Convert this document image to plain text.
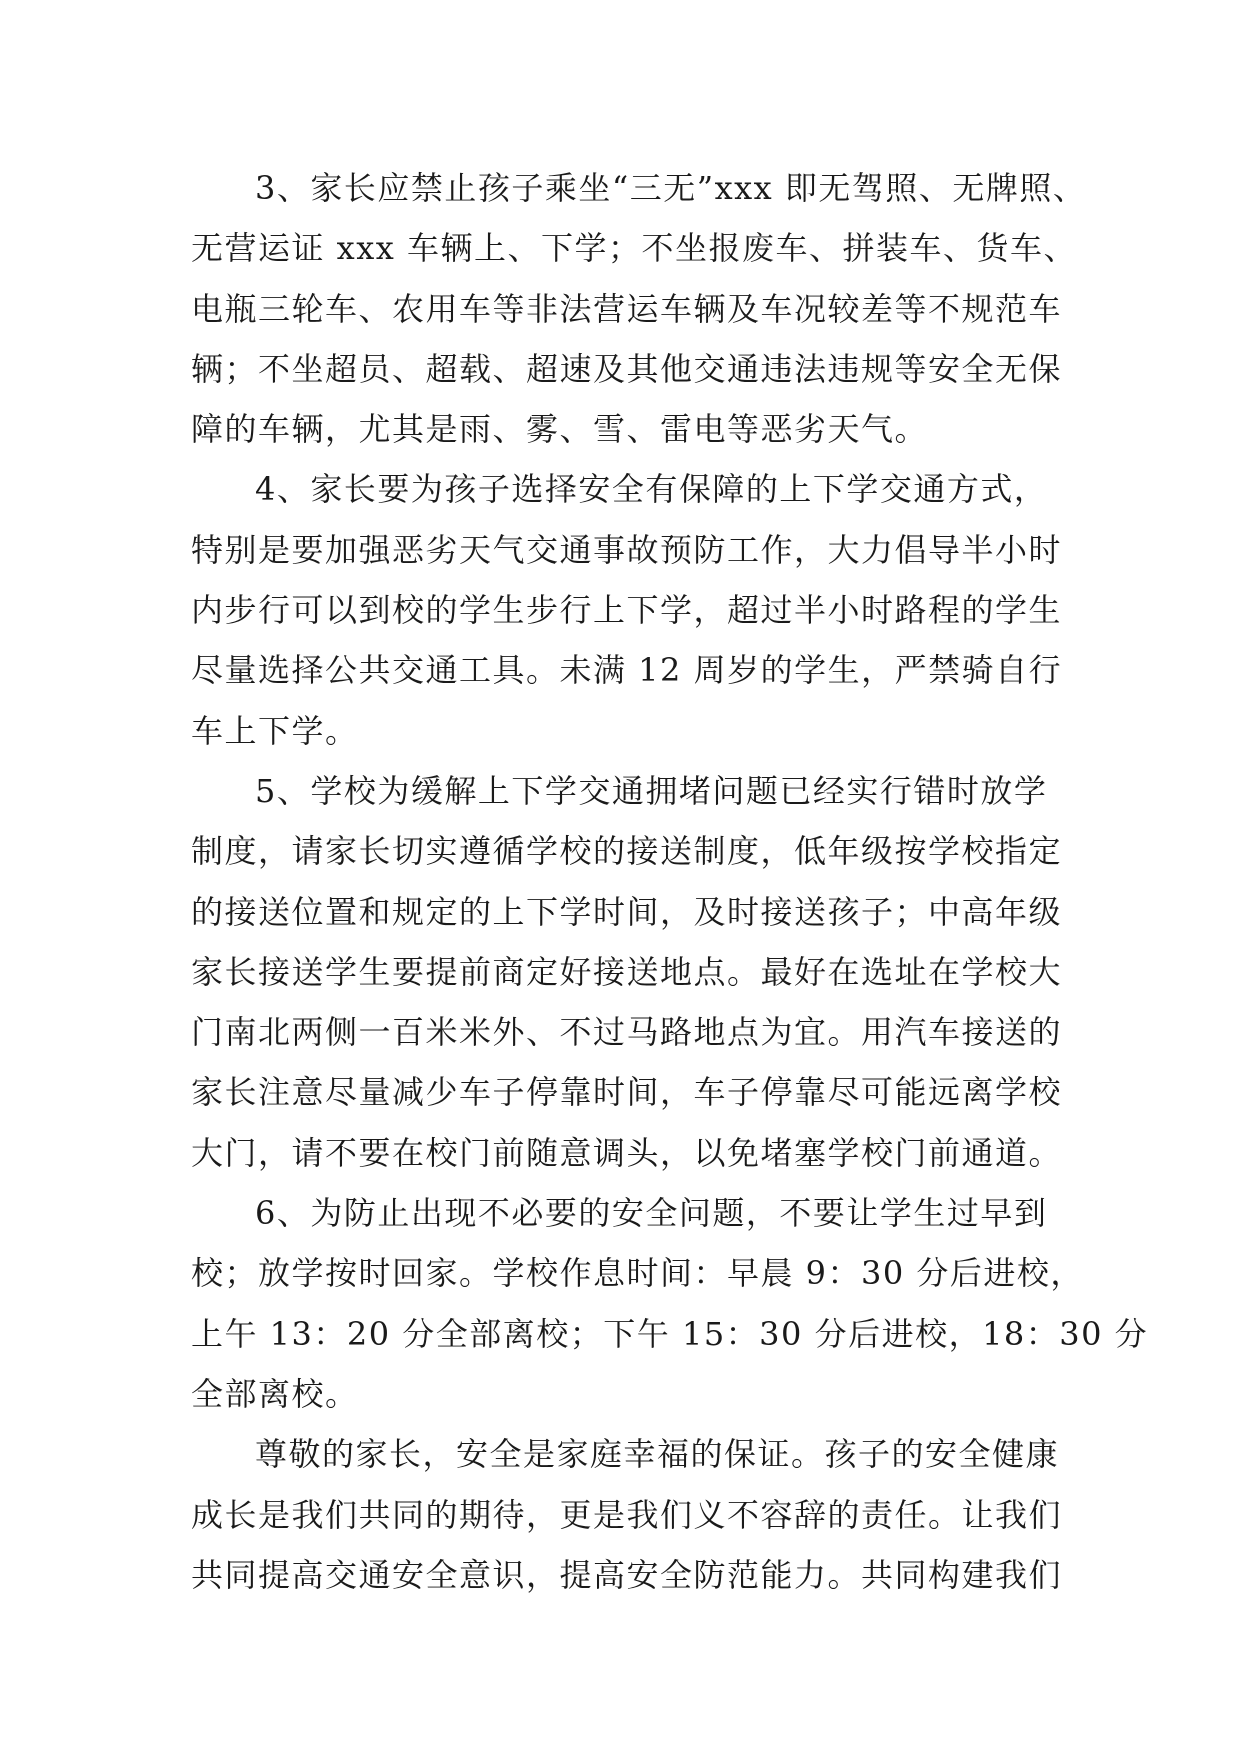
3、家长应禁止孩子乘坐“三无”xxx 即无驾照、无牌照、
无营运证 xxx 车辆上、下学；不坐报废车、拼装车、货车、
电瓶三轮车、农用车等非法营运车辆及车况较差等不规范车
辆；不坐超员、超载、超速及其他交通违法违规等安全无保
障的车辆，尤其是雨、雾、雪、雷电等恶劣天气。
4、家长要为孩子选择安全有保障的上下学交通方式，
特别是要加强恶劣天气交通事故预防工作，大力倡导半小时
内步行可以到校的学生步行上下学，超过半小时路程的学生
尽量选择公共交通工具。未满 12 周岁的学生，严禁骑自行
车上下学。
5、学校为缓解上下学交通拥堵问题已经实行错时放学
制度，请家长切实遵循学校的接送制度，低年级按学校指定
的接送位置和规定的上下学时间，及时接送孩子；中高年级
家长接送学生要提前商定好接送地点。最好在选址在学校大
门南北两侧一百米米外、不过马路地点为宜。用汽车接送的
家长注意尽量减少车子停靠时间，车子停靠尽可能远离学校
大门，请不要在校门前随意调头，以免堵塞学校门前通道。
6、为防止出现不必要的安全问题，不要让学生过早到
校；放学按时回家。学校作息时间：早晨 9：30 分后进校，
上午 13：20 分全部离校；下午 15：30 分后进校，18：30 分
全部离校。
尊敬的家长，安全是家庭幸福的保证。孩子的安全健康
成长是我们共同的期待，更是我们义不容辞的责任。让我们
共同提高交通安全意识，提高安全防范能力。共同构建我们
